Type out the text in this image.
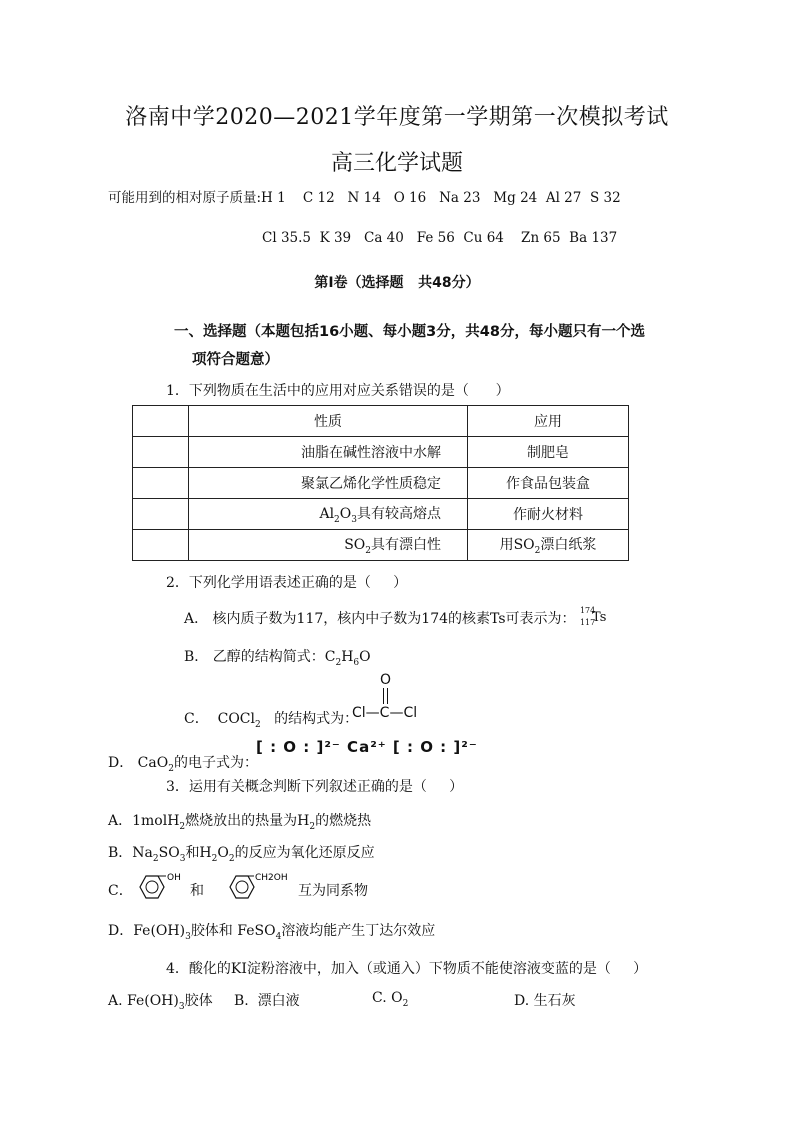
洛南中学2020—2021学年度第一学期第一次模拟考试
高三化学试题
可能用到的相对原子质量:H 1    C 12   N 14   O 16   Na 23   Mg 24  Al 27  S 32
Cl 35.5  K 39   Ca 40   Fe 56  Cu 64    Zn 65  Ba 137
第Ⅰ卷（选择题   共48分）
一、选择题（本题包括16小题、每小题3分，共48分，每小题只有一个选
项符合题意）
1．下列物质在生活中的应用对应关系错误的是（      ）
	性质	应用
	油脂在碱性溶液中水解	制肥皂
	聚氯乙烯化学性质稳定	作食品包装盒
	$Al_2O_3$具有较高熔点	作耐火材料
	$SO_2$具有漂白性	用$SO_2$漂白纸浆
2．下列化学用语表述正确的是（     ）
A． 核内质子数为117，核内中子数为174的核素Ts可表示为：
174
117
Ts
B． 乙醇的结构简式：$C_2H_6O$
C．  COCl$_2$   的结构式为：
O
Cl—C—Cl
D． CaO$_2$的电子式为：
[ : O : ]²⁻ Ca²⁺ [ : O : ]²⁻
3．运用有关概念判断下列叙述正确的是（     ）
A．1molH$_2$燃烧放出的热量为$H_2$的燃烧热
B．$Na_2SO_3$和$H_2O_2$的反应为氧化还原反应
C．
OH
和
CH2OH
互为同系物
D．$Fe(OH)_3$胶体和 FeSO$_4$溶液均能产生丁达尔效应
4．酸化的KI淀粉溶液中，加入（或通入）下物质不能使溶液变蓝的是（     ）
A. $Fe(OH)_3$胶体 B.  漂白液	C. $O_2$	D. 生石灰
